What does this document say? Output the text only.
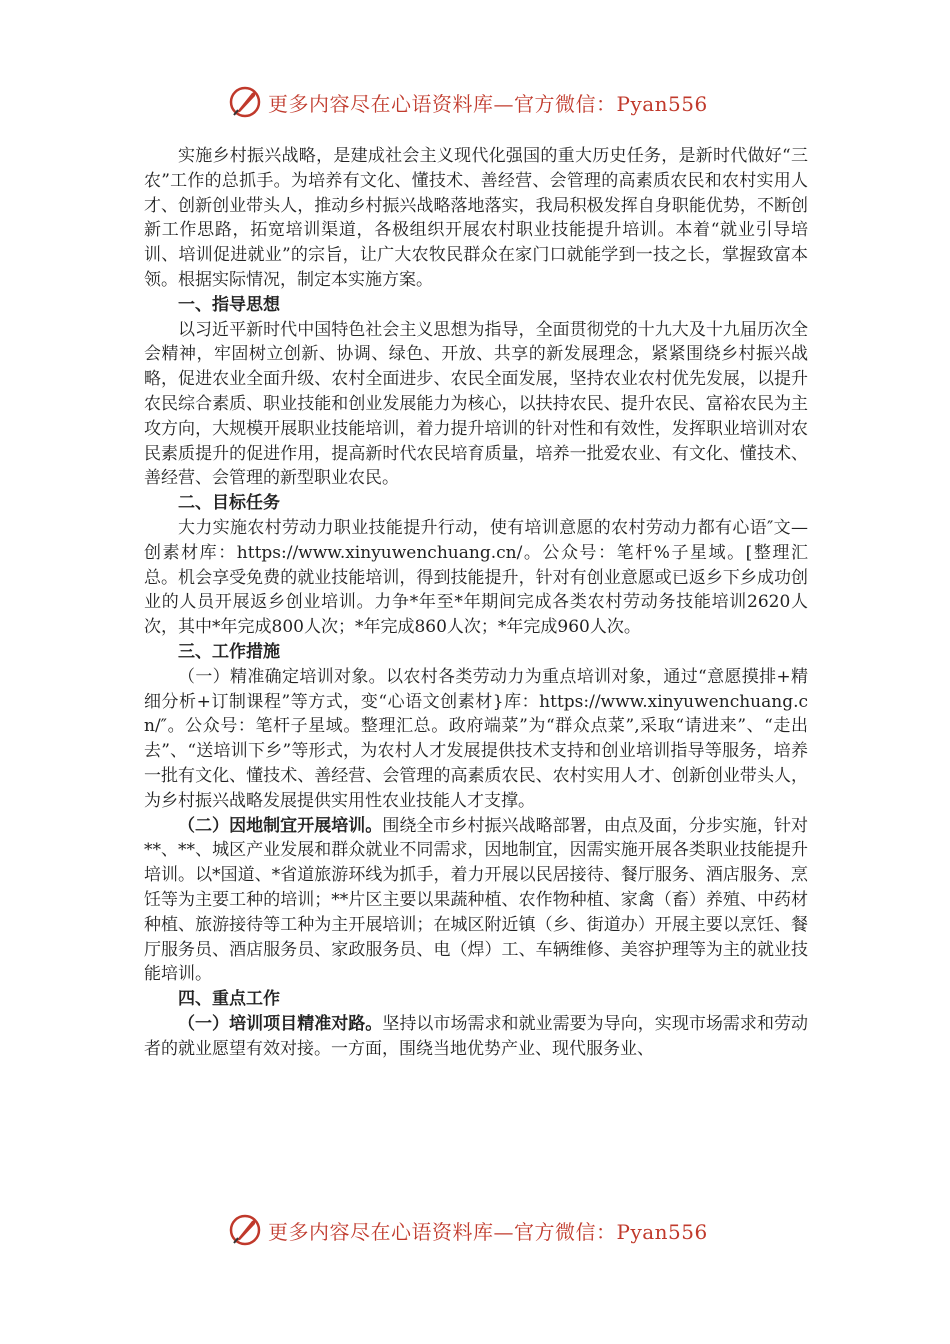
更多内容尽在心语资料库—官方微信：Pyan556

实施乡村振兴战略，是建成社会主义现代化强国的重大历史任务，是新时代做好“三农”工作的总抓手。为培养有文化、懂技术、善经营、会管理的高素质农民和农村实用人才、创新创业带头人，推动乡村振兴战略落地落实，我局积极发挥自身职能优势，不断创新工作思路，拓宽培训渠道，各极组织开展农村职业技能提升培训。本着“就业引导培训、培训促进就业”的宗旨，让广大农牧民群众在家门口就能学到一技之长，掌握致富本领。根据实际情况，制定本实施方案。

一、指导思想

以习近平新时代中国特色社会主义思想为指导，全面贯彻党的十九大及十九届历次全会精神，牢固树立创新、协调、绿色、开放、共享的新发展理念，紧紧围绕乡村振兴战略，促进农业全面升级、农村全面进步、农民全面发展，坚持农业农村优先发展，以提升农民综合素质、职业技能和创业发展能力为核心，以扶持农民、提升农民、富裕农民为主攻方向，大规模开展职业技能培训，着力提升培训的针对性和有效性，发挥职业培训对农民素质提升的促进作用，提高新时代农民培育质量，培养一批爱农业、有文化、懂技术、善经营、会管理的新型职业农民。

二、目标任务

大力实施农村劳动力职业技能提升行动，使有培训意愿的农村劳动力都有心语″文—创素材库：https://www.xinyuwenchuang.cn/。公众号：笔杆%子星域。[整理汇总。机会享受免费的就业技能培训，得到技能提升，针对有创业意愿或已返乡下乡成功创业的人员开展返乡创业培训。力争*年至*年期间完成各类农村劳动务技能培训2620人次，其中*年完成800人次；*年完成860人次；*年完成960人次。

三、工作措施

（一）精准确定培训对象。以农村各类劳动力为重点培训对象，通过“意愿摸排+精细分析+订制课程”等方式，变“心语文创素材}库：https://www.xinyuwenchuang.cn/″。公众号：笔杆子星域。整理汇总。政府端菜”为“群众点菜”,采取“请进来”、“走出去”、“送培训下乡”等形式，为农村人才发展提供技术支持和创业培训指导等服务，培养一批有文化、懂技术、善经营、会管理的高素质农民、农村实用人才、创新创业带头人，为乡村振兴战略发展提供实用性农业技能人才支撑。

（二）因地制宜开展培训。围绕全市乡村振兴战略部署，由点及面，分步实施，针对**、**、城区产业发展和群众就业不同需求，因地制宜，因需实施开展各类职业技能提升培训。以*国道、*省道旅游环线为抓手，着力开展以民居接待、餐厅服务、酒店服务、烹饪等为主要工种的培训；**片区主要以果蔬种植、农作物种植、家禽（畜）养殖、中药材种植、旅游接待等工种为主开展培训；在城区附近镇（乡、街道办）开展主要以烹饪、餐厅服务员、酒店服务员、家政服务员、电（焊）工、车辆维修、美容护理等为主的就业技能培训。

四、重点工作

（一）培训项目精准对路。坚持以市场需求和就业需要为导向，实现市场需求和劳动者的就业愿望有效对接。一方面，围绕当地优势产业、现代服务业、

更多内容尽在心语资料库—官方微信：Pyan556
